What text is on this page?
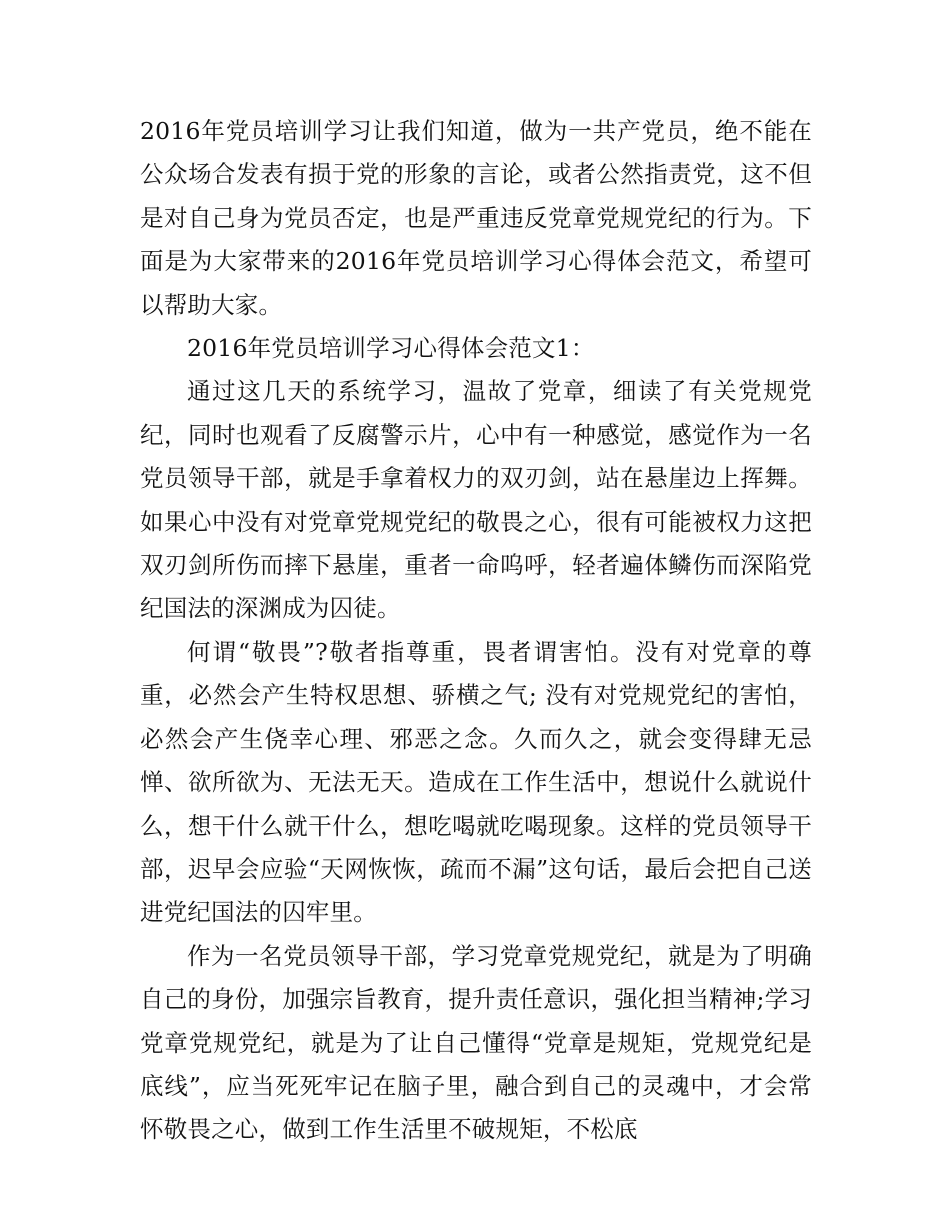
2016年党员培训学习让我们知道，做为一共产党员，绝不能在公众场合发表有损于党的形象的言论，或者公然指责党，这不但是对自己身为党员否定，也是严重违反党章党规党纪的行为。下面是为大家带来的2016年党员培训学习心得体会范文，希望可以帮助大家。

2016年党员培训学习心得体会范文1：

通过这几天的系统学习，温故了党章，细读了有关党规党纪，同时也观看了反腐警示片，心中有一种感觉，感觉作为一名党员领导干部，就是手拿着权力的双刃剑，站在悬崖边上挥舞。如果心中没有对党章党规党纪的敬畏之心，很有可能被权力这把双刃剑所伤而摔下悬崖，重者一命呜呼，轻者遍体鳞伤而深陷党纪国法的深渊成为囚徒。

何谓“敬畏”?敬者指尊重，畏者谓害怕。没有对党章的尊重，必然会产生特权思想、骄横之气; 没有对党规党纪的害怕，必然会产生侥幸心理、邪恶之念。久而久之，就会变得肆无忌惮、欲所欲为、无法无天。造成在工作生活中，想说什么就说什么，想干什么就干什么，想吃喝就吃喝现象。这样的党员领导干部，迟早会应验“天网恢恢，疏而不漏”这句话，最后会把自己送进党纪国法的囚牢里。

作为一名党员领导干部，学习党章党规党纪，就是为了明确自己的身份，加强宗旨教育，提升责任意识，强化担当精神;学习党章党规党纪，就是为了让自己懂得“党章是规矩，党规党纪是底线”，应当死死牢记在脑子里，融合到自己的灵魂中，才会常怀敬畏之心，做到工作生活里不破规矩，不松底
